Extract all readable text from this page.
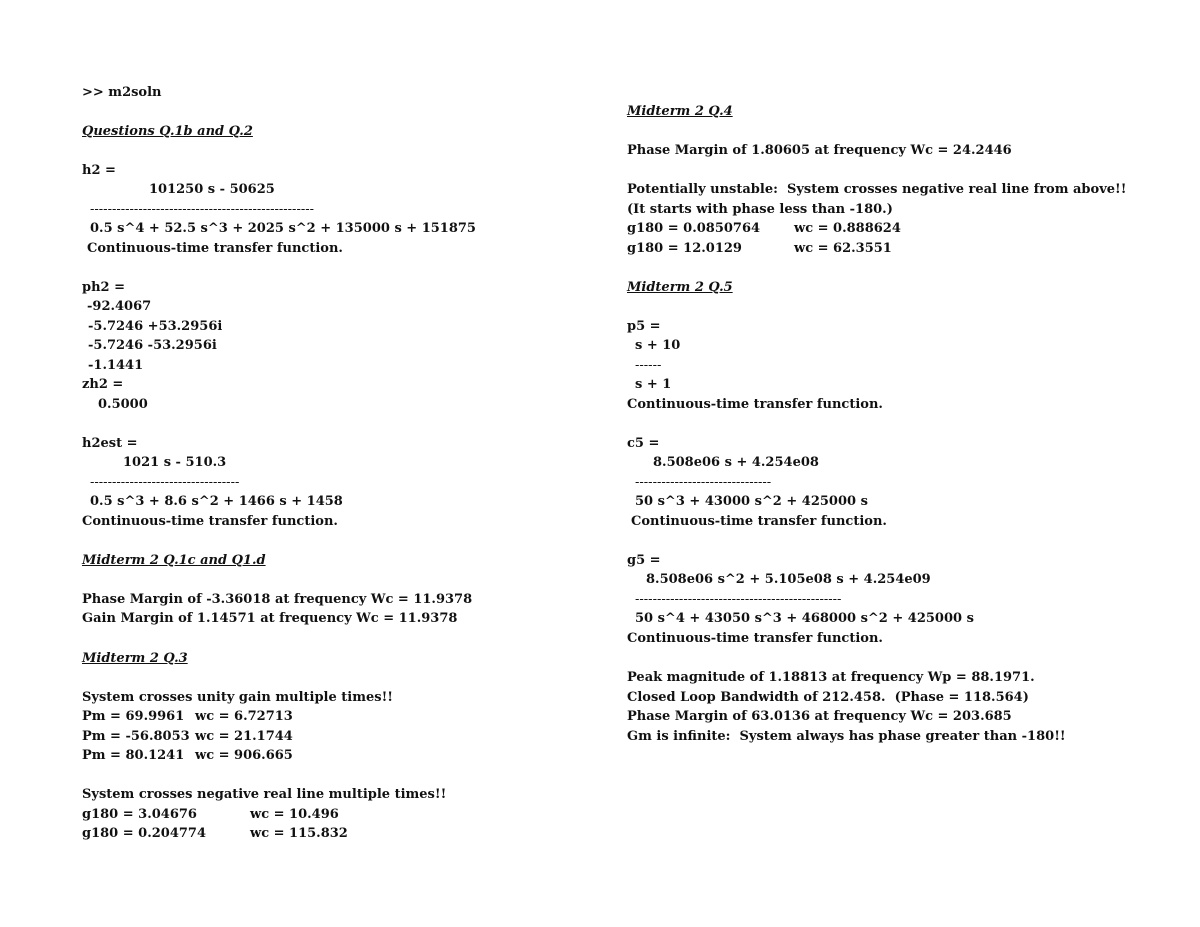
>> m2soln
Questions Q.1b and Q.2
h2 =
101250 s - 50625
---------------------------------------------------
0.5 s^4 + 52.5 s^3 + 2025 s^2 + 135000 s + 151875
Continuous-time transfer function.
ph2 =
-92.4067
-5.7246 +53.2956i
-5.7246 -53.2956i
-1.1441
zh2 =
0.5000
h2est =
1021 s - 510.3
----------------------------------
0.5 s^3 + 8.6 s^2 + 1466 s + 1458
Continuous-time transfer function.
Midterm 2 Q.1c and Q1.d
Phase Margin of -3.36018 at frequency Wc = 11.9378
Gain Margin of 1.14571 at frequency Wc = 11.9378
Midterm 2 Q.3
System crosses unity gain multiple times!!
Pm = 69.9961 wc = 6.72713
Pm = -56.8053 wc = 21.1744
Pm = 80.1241 wc = 906.665
System crosses negative real line multiple times!!
g180 = 3.04676	wc = 10.496
g180 = 0.204774	wc = 115.832
Midterm 2 Q.4
Phase Margin of 1.80605 at frequency Wc = 24.2446
Potentially unstable:  System crosses negative real line from above!!
(It starts with phase less than -180.)
g180 = 0.0850764	wc = 0.888624
g180 = 12.0129	wc = 62.3551
Midterm 2 Q.5
p5 =
s + 10
------
s + 1
Continuous-time transfer function.
c5 =
8.508e06 s + 4.254e08
-------------------------------
50 s^3 + 43000 s^2 + 425000 s
Continuous-time transfer function.
g5 =
8.508e06 s^2 + 5.105e08 s + 4.254e09
-----------------------------------------------
50 s^4 + 43050 s^3 + 468000 s^2 + 425000 s
Continuous-time transfer function.
Peak magnitude of 1.18813 at frequency Wp = 88.1971.
Closed Loop Bandwidth of 212.458.  (Phase = 118.564)
Phase Margin of 63.0136 at frequency Wc = 203.685
Gm is infinite:  System always has phase greater than -180!!
